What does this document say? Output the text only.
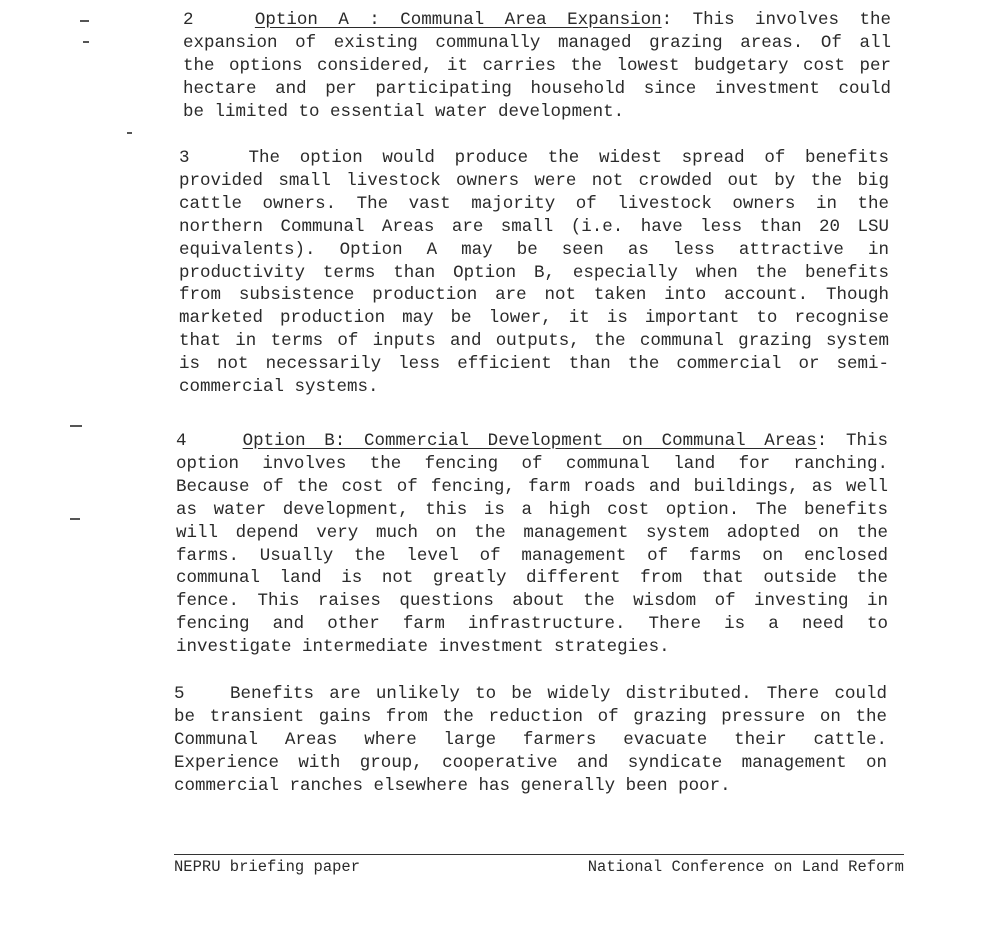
2	Option A : Communal Area Expansion: This involves the
expansion of existing communally managed grazing areas. Of all
the options considered, it carries the lowest budgetary cost per
hectare and per participating household since investment could
be limited to essential water development.
3	The option would produce the widest spread of benefits
provided small livestock owners were not crowded out by the big
cattle owners. The vast majority of livestock owners in the
northern Communal Areas are small (i.e. have less than 20 LSU
equivalents). Option A may be seen as less attractive in
productivity terms than Option B, especially when the benefits
from subsistence production are not taken into account. Though
marketed production may be lower, it is important to recognise
that in terms of inputs and outputs, the communal grazing system
is not necessarily less efficient than the commercial or semi-
commercial systems.
4	Option B: Commercial Development on Communal Areas: This
option involves the fencing of communal land for ranching.
Because of the cost of fencing, farm roads and buildings, as well
as water development, this is a high cost option. The benefits
will depend very much on the management system adopted on the
farms. Usually the level of management of farms on enclosed
communal land is not greatly different from that outside the
fence. This raises questions about the wisdom of investing in
fencing and other farm infrastructure. There is a need to
investigate intermediate investment strategies.
5	Benefits are unlikely to be widely distributed. There could
be transient gains from the reduction of grazing pressure on the
Communal Areas where large farmers evacuate their cattle.
Experience with group, cooperative and syndicate management on
commercial ranches elsewhere has generally been poor.
NEPRU briefing paper	National Conference on Land Reform
